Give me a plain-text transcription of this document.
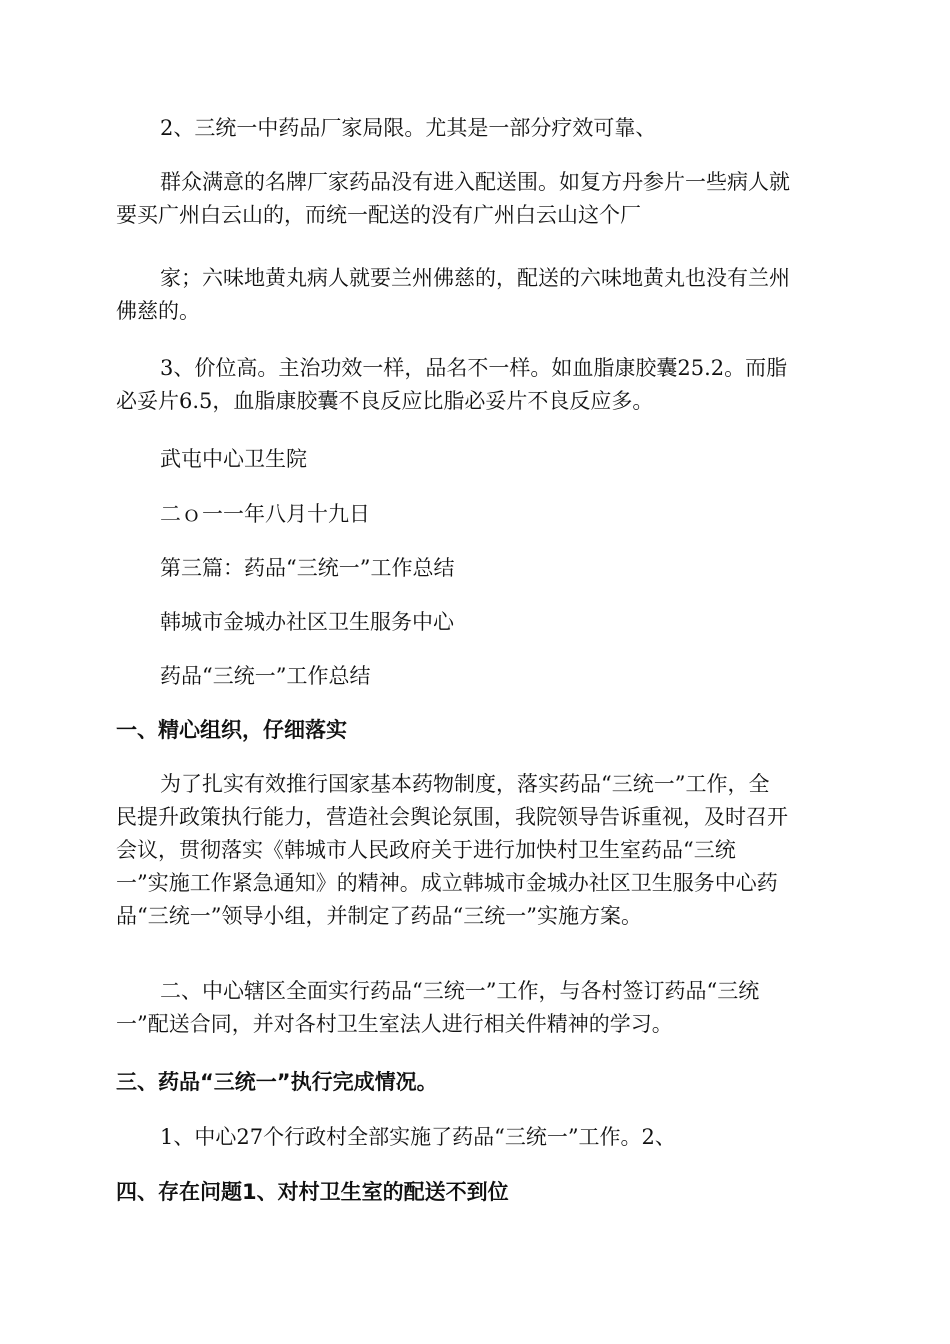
2、三统一中药品厂家局限。尤其是一部分疗效可靠、

群众满意的名牌厂家药品没有进入配送围。如复方丹参片一些病人就
要买广州白云山的，而统一配送的没有广州白云山这个厂

家；六味地黄丸病人就要兰州佛慈的，配送的六味地黄丸也没有兰州
佛慈的。

3、价位高。主治功效一样，品名不一样。如血脂康胶囊25.2。而脂
必妥片6.5，血脂康胶囊不良反应比脂必妥片不良反应多。

武屯中心卫生院

二ｏ一一年八月十九日

第三篇：药品“三统一”工作总结

韩城市金城办社区卫生服务中心

药品“三统一”工作总结

一、精心组织，仔细落实

为了扎实有效推行国家基本药物制度，落实药品“三统一”工作，全
民提升政策执行能力，营造社会舆论氛围，我院领导告诉重视，及时召开
会议，贯彻落实《韩城市人民政府关于进行加快村卫生室药品“三统
一”实施工作紧急通知》的精神。成立韩城市金城办社区卫生服务中心药
品“三统一”领导小组，并制定了药品“三统一”实施方案。

二、中心辖区全面实行药品“三统一”工作，与各村签订药品“三统
一”配送合同，并对各村卫生室法人进行相关件精神的学习。

三、药品“三统一”执行完成情况。

1、中心27个行政村全部实施了药品“三统一”工作。2、

四、存在问题1、对村卫生室的配送不到位
